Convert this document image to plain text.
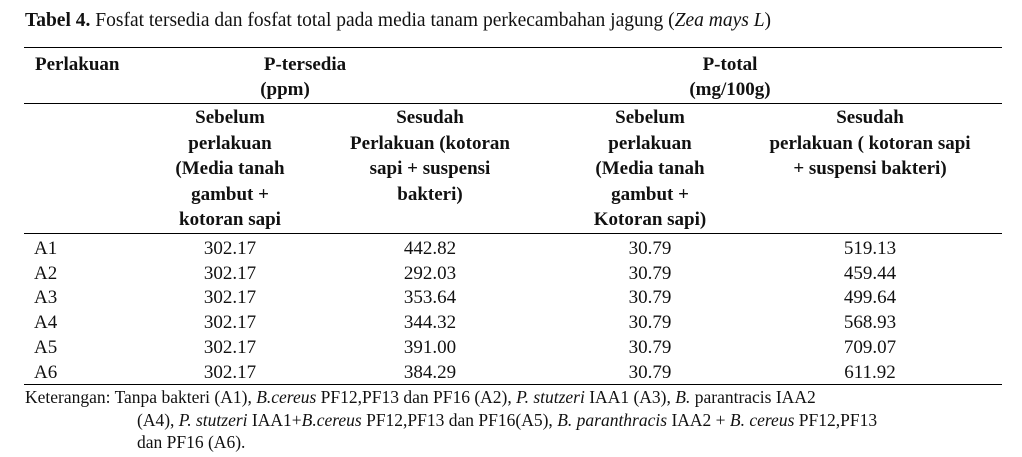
Tabel 4. Fosfat tersedia dan fosfat total pada media tanam perkecambahan jagung (Zea mays L)
Perlakuan	P-tersedia
(ppm)
P-total
(mg/100g)
Sebelum
perlakuan
(Media tanah
gambut +
kotoran sapi
Sesudah
Perlakuan (kotoran
sapi + suspensi
bakteri)
Sebelum
perlakuan
(Media tanah
gambut +
Kotoran sapi)
Sesudah
perlakuan ( kotoran sapi
+ suspensi bakteri)
A1	302.17	442.82	30.79	519.13
A2	302.17	292.03	30.79	459.44
A3	302.17	353.64	30.79	499.64
A4	302.17	344.32	30.79	568.93
A5	302.17	391.00	30.79	709.07
A6	302.17	384.29	30.79	611.92
Keterangan: Tanpa bakteri (A1), B.cereus PF12,PF13 dan PF16 (A2), P. stutzeri IAA1 (A3), B. parantracis IAA2
(A4), P. stutzeri IAA1+B.cereus PF12,PF13 dan PF16(A5), B. paranthracis IAA2 + B. cereus PF12,PF13
dan PF16 (A6).
